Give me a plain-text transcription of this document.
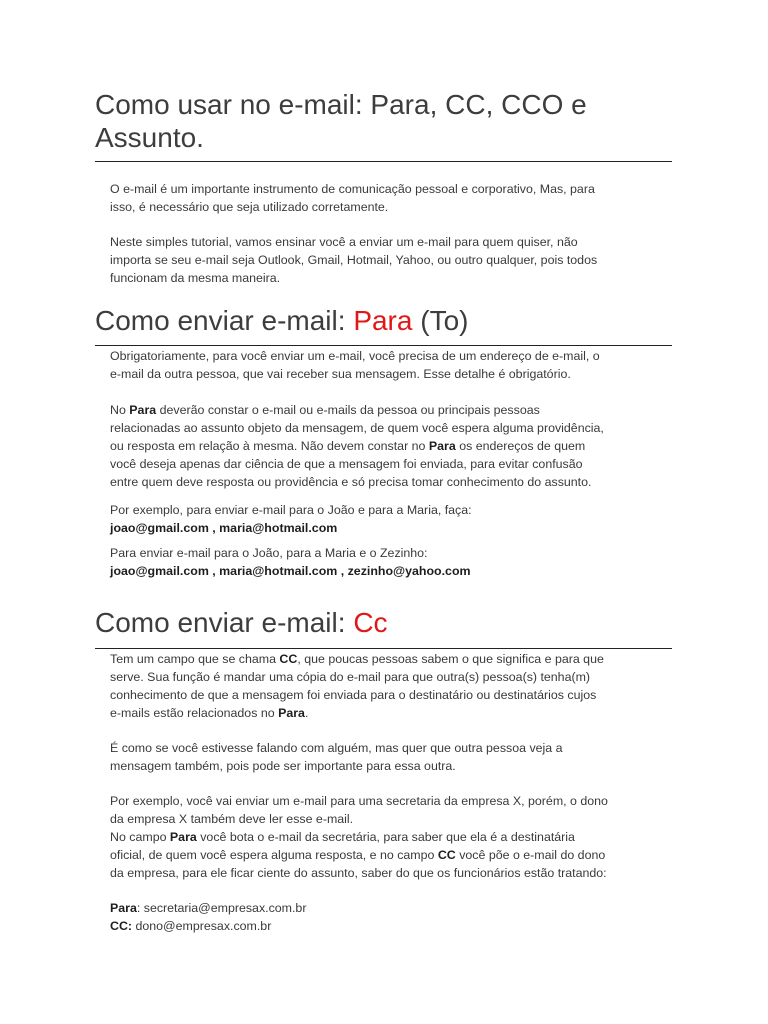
Como usar no e-mail: Para, CC, CCO e
Assunto.
O e-mail é um importante instrumento de comunicação pessoal e corporativo, Mas, para
isso, é necessário que seja utilizado corretamente.
Neste simples tutorial, vamos ensinar você a enviar um e-mail para quem quiser, não
importa se seu e-mail seja Outlook, Gmail, Hotmail, Yahoo, ou outro qualquer, pois todos
funcionam da mesma maneira.
Como enviar e-mail: Para (To)
Obrigatoriamente, para você enviar um e-mail, você precisa de um endereço de e-mail, o
e-mail da outra pessoa, que vai receber sua mensagem. Esse detalhe é obrigatório.
No Para deverão constar o e-mail ou e-mails da pessoa ou principais pessoas
relacionadas ao assunto objeto da mensagem, de quem você espera alguma providência,
ou resposta em relação à mesma. Não devem constar no Para os endereços de quem
você deseja apenas dar ciência de que a mensagem foi enviada, para evitar confusão
entre quem deve resposta ou providência e só precisa tomar conhecimento do assunto.
Por exemplo, para enviar e-mail para o João e para a Maria, faça:
joao@gmail.com , maria@hotmail.com
Para enviar e-mail para o João, para a Maria e o Zezinho:
joao@gmail.com , maria@hotmail.com , zezinho@yahoo.com
Como enviar e-mail: Cc
Tem um campo que se chama CC, que poucas pessoas sabem o que significa e para que
serve. Sua função é mandar uma cópia do e-mail para que outra(s) pessoa(s) tenha(m)
conhecimento de que a mensagem foi enviada para o destinatário ou destinatários cujos
e-mails estão relacionados no Para.
É como se você estivesse falando com alguém, mas quer que outra pessoa veja a
mensagem também, pois pode ser importante para essa outra.
Por exemplo, você vai enviar um e-mail para uma secretaria da empresa X, porém, o dono
da empresa X também deve ler esse e-mail.
No campo Para você bota o e-mail da secretária, para saber que ela é a destinatária
oficial, de quem você espera alguma resposta, e no campo CC você põe o e-mail do dono
da empresa, para ele ficar ciente do assunto, saber do que os funcionários estão tratando:
Para: secretaria@empresax.com.br
CC: dono@empresax.com.br
